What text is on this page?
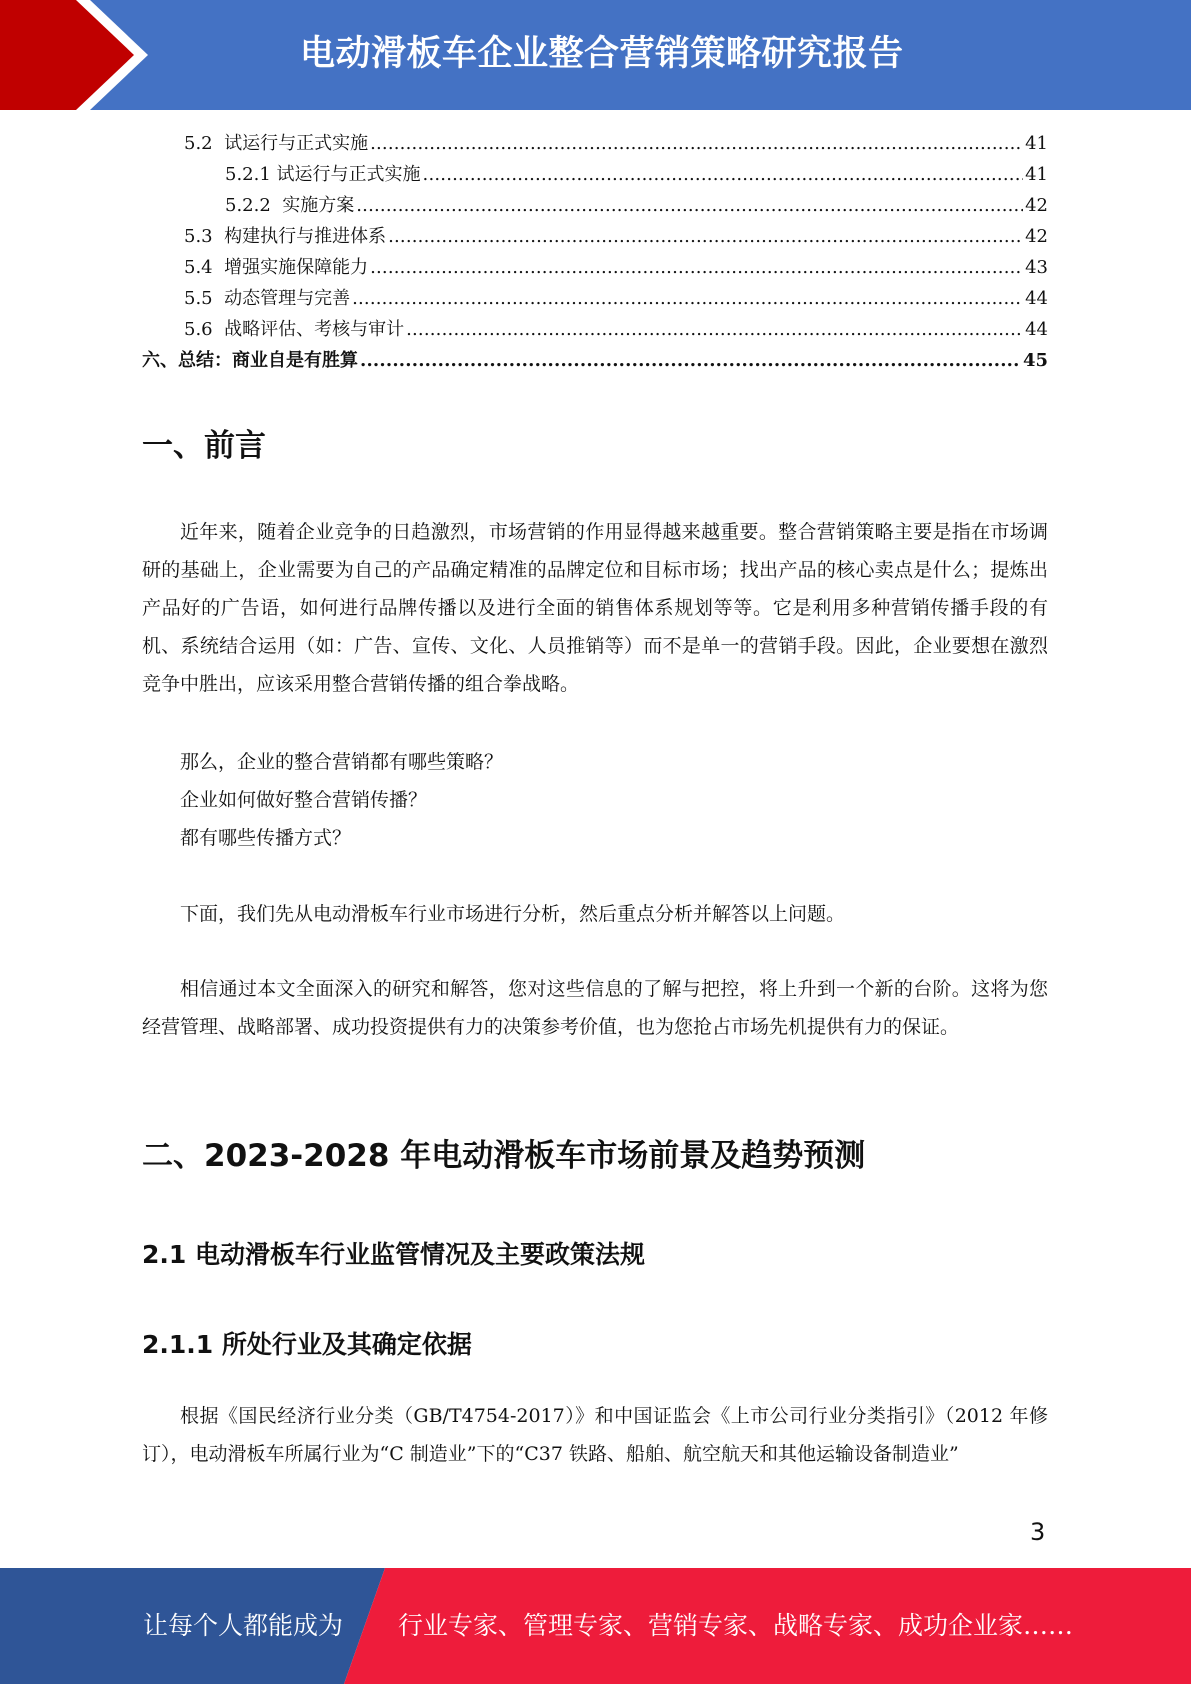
电动滑板车企业整合营销策略研究报告
5.2  试运行与正式实施 .....	41
5.2.1 试运行与正式实施 .....	41
5.2.2  实施方案 .....	42
5.3  构建执行与推进体系 .....	42
5.4  增强实施保障能力 .....	43
5.5  动态管理与完善 .....	44
5.6  战略评估、考核与审计 .....	44
六、总结：商业自是有胜算 .....	45
一、前言

近年来，随着企业竞争的日趋激烈，市场营销的作用显得越来越重要。整合营销策略主要是指在市场调研的基础上，企业需要为自己的产品确定精准的品牌定位和目标市场；找出产品的核心卖点是什么；提炼出产品好的广告语，如何进行品牌传播以及进行全面的销售体系规划等等。它是利用多种营销传播手段的有机、系统结合运用（如：广告、宣传、文化、人员推销等）而不是单一的营销手段。因此，企业要想在激烈竞争中胜出，应该采用整合营销传播的组合拳战略。

那么，企业的整合营销都有哪些策略？

企业如何做好整合营销传播？

都有哪些传播方式？

下面，我们先从电动滑板车行业市场进行分析，然后重点分析并解答以上问题。

相信通过本文全面深入的研究和解答，您对这些信息的了解与把控，将上升到一个新的台阶。这将为您经营管理、战略部署、成功投资提供有力的决策参考价值，也为您抢占市场先机提供有力的保证。

二、2023-2028 年电动滑板车市场前景及趋势预测
2.1 电动滑板车行业监管情况及主要政策法规
2.1.1 所处行业及其确定依据

根据《国民经济行业分类（GB/T4754-2017）》和中国证监会《上市公司行业分类指引》（2012 年修订），电动滑板车所属行业为“C 制造业”下的“C37 铁路、船舶、航空航天和其他运输设备制造业”

3
让每个人都能成为 行业专家、管理专家、营销专家、战略专家、成功企业家……
